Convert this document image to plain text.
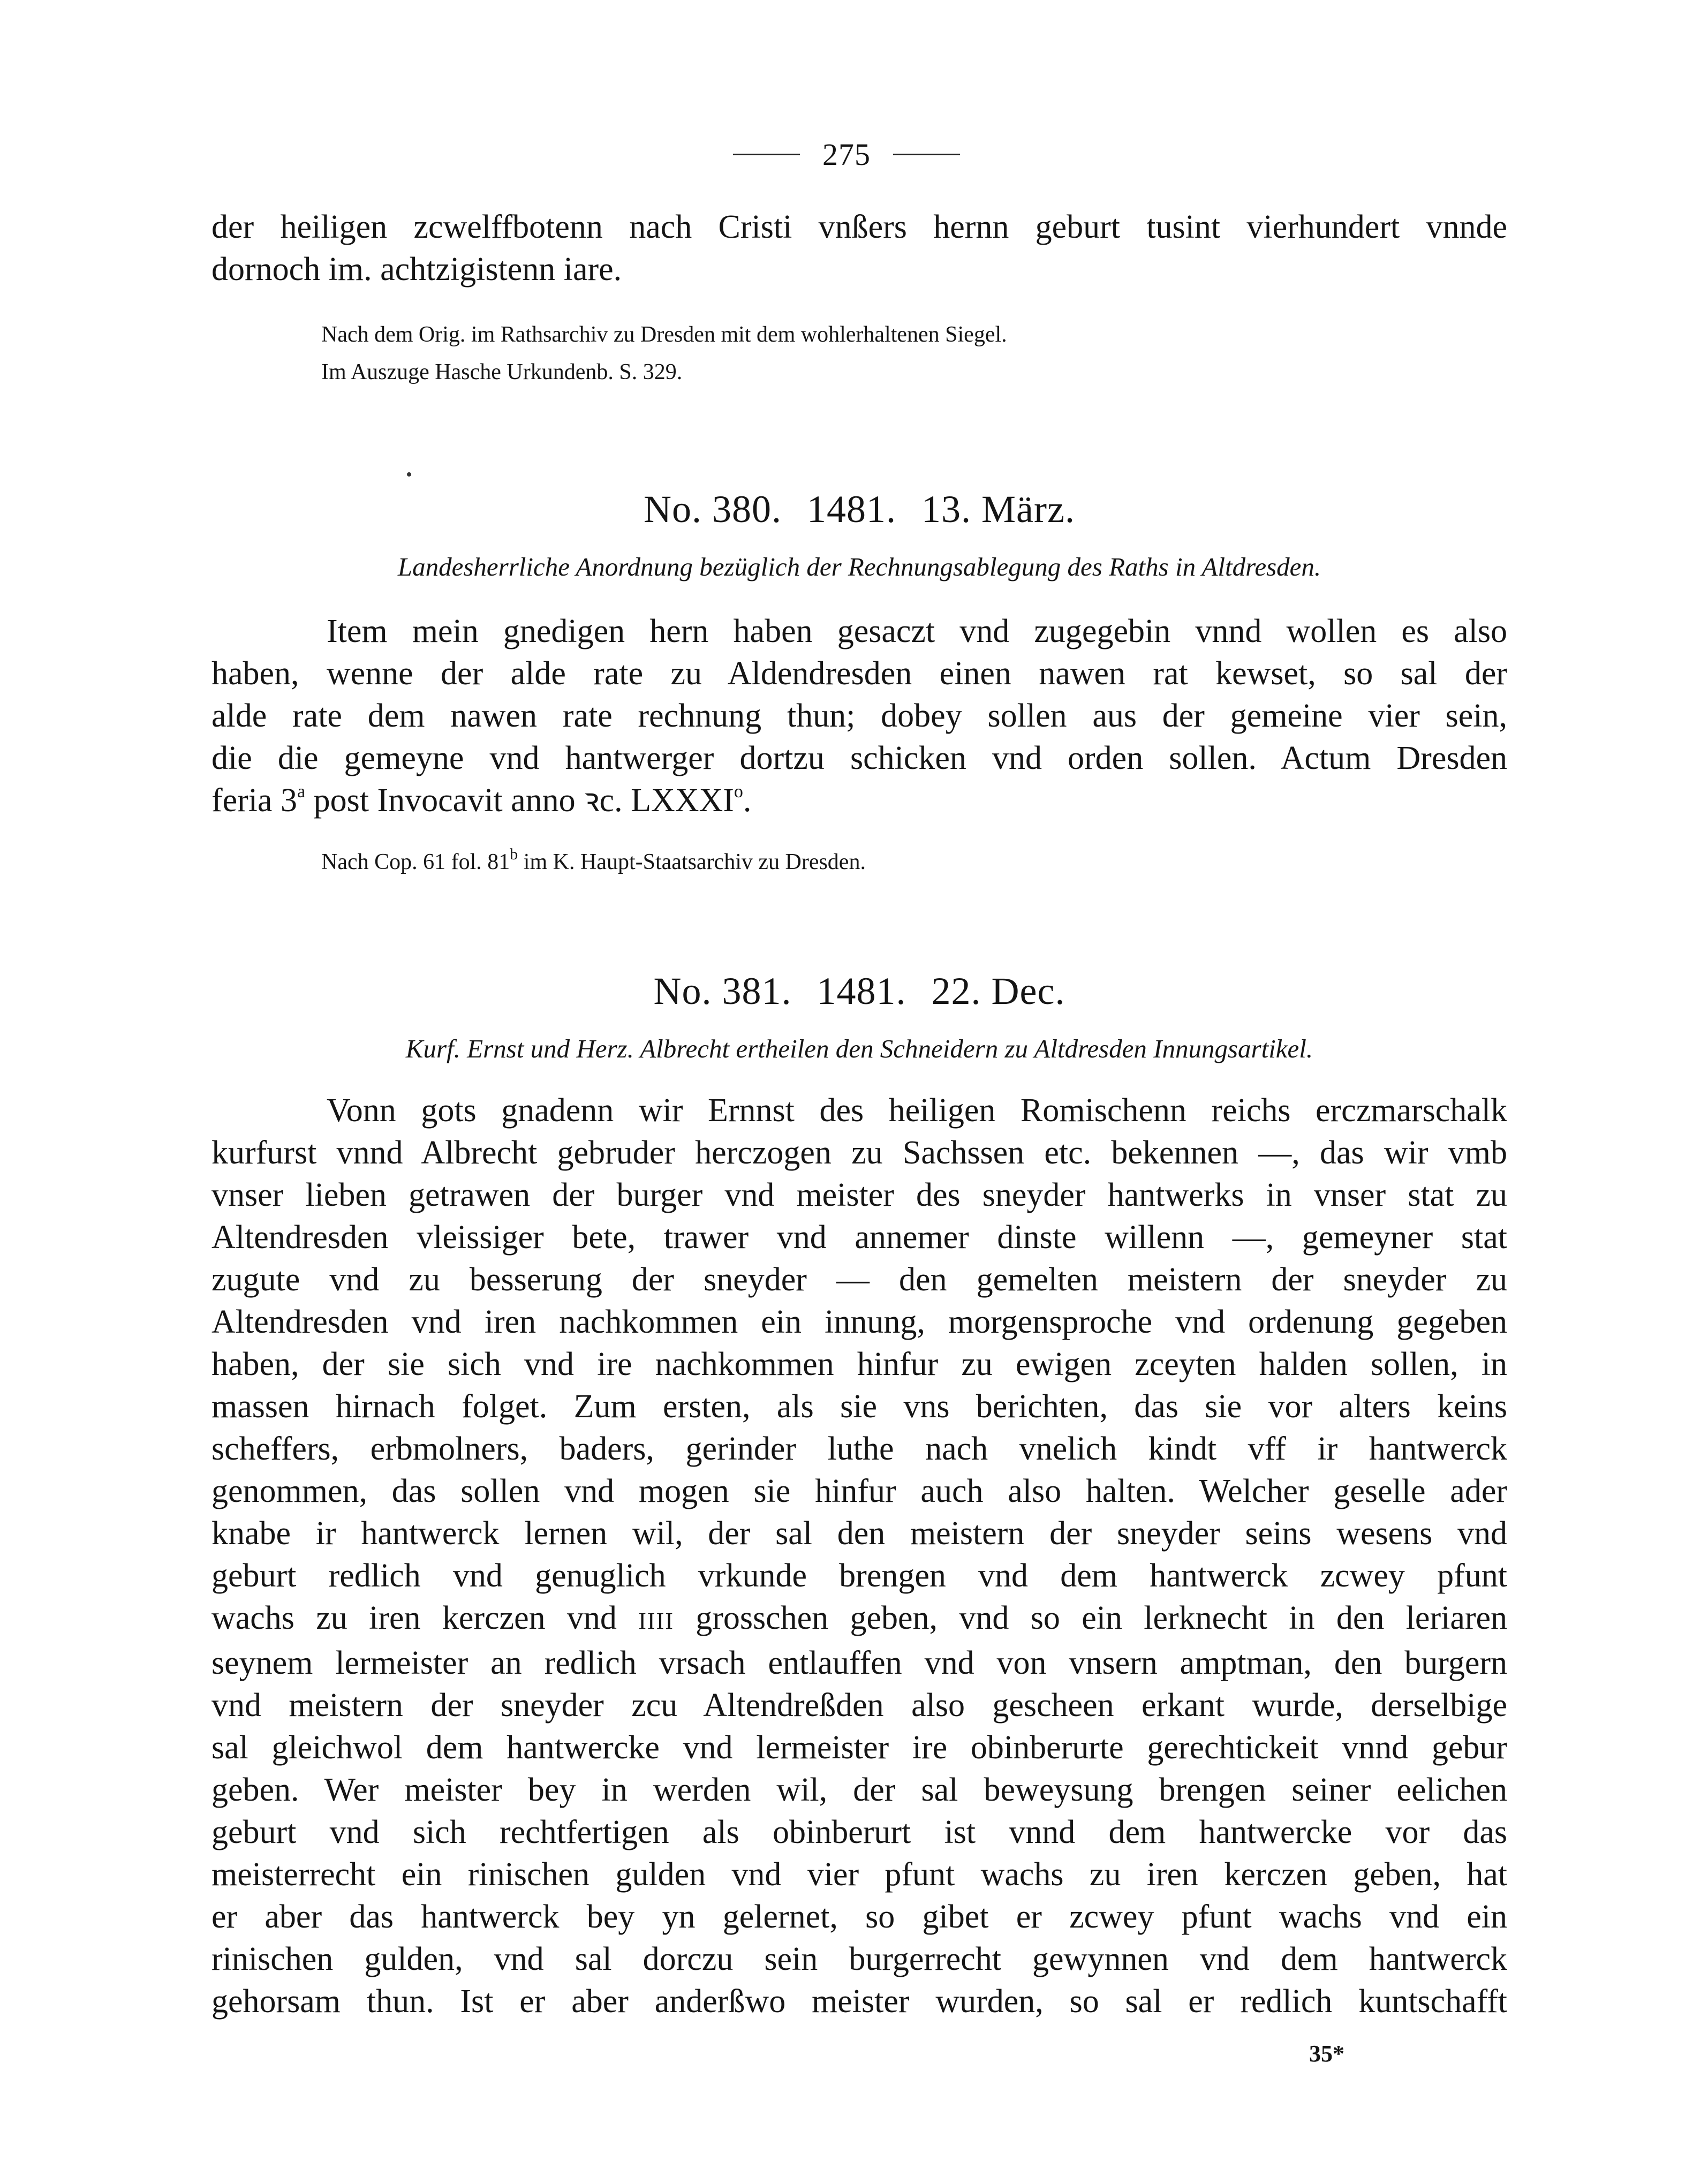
275
der heiligen zcwelffbotenn nach Cristi vnßers hernn geburt tusint vierhundert vnnde
dornoch im. achtzigistenn iare.
Nach dem Orig. im Rathsarchiv zu Dresden mit dem wohlerhaltenen Siegel.
Im Auszuge Hasche Urkundenb. S. 329.
No. 380. 1481. 13. März.
Landesherrliche Anordnung bezüglich der Rechnungsablegung des Raths in Altdresden.
Item mein gnedigen hern haben gesaczt vnd zugegebin vnnd wollen es also
haben, wenne der alde rate zu Aldendresden einen nawen rat kewset, so sal der
alde rate dem nawen rate rechnung thun; dobey sollen aus der gemeine vier sein,
die die gemeyne vnd hantwerger dortzu schicken vnd orden sollen. Actum Dresden
feria 3$^a$ post Invocavit anno ꝛc. LXXXI$^o$.
Nach Cop. 61 fol. 81$^b$ im K. Haupt-Staatsarchiv zu Dresden.
No. 381. 1481. 22. Dec.
Kurf. Ernst und Herz. Albrecht ertheilen den Schneidern zu Altdresden Innungsartikel.
Vonn gots gnadenn wir Ernnst des heiligen Romischenn reichs erczmarschalk
kurfurst vnnd Albrecht gebruder herczogen zu Sachssen etc. bekennen —, das wir vmb
vnser lieben getrawen der burger vnd meister des sneyder hantwerks in vnser stat zu
Altendresden vleissiger bete, trawer vnd annemer dinste willenn —, gemeyner stat
zugute vnd zu besserung der sneyder — den gemelten meistern der sneyder zu
Altendresden vnd iren nachkommen ein innung, morgensproche vnd ordenung gegeben
haben, der sie sich vnd ire nachkommen hinfur zu ewigen zceyten halden sollen, in
massen hirnach folget. Zum ersten, als sie vns berichten, das sie vor alters keins
scheffers, erbmolners, baders, gerinder luthe nach vnelich kindt vff ir hantwerck
genommen, das sollen vnd mogen sie hinfur auch also halten. Welcher geselle ader
knabe ir hantwerck lernen wil, der sal den meistern der sneyder seins wesens vnd
geburt redlich vnd genuglich vrkunde brengen vnd dem hantwerck zcwey pfunt
wachs zu iren kerczen vnd IIII grosschen geben, vnd so ein lerknecht in den leriaren
seynem lermeister an redlich vrsach entlauffen vnd von vnsern amptman, den burgern
vnd meistern der sneyder zcu Altendreßden also gescheen erkant wurde, derselbige
sal gleichwol dem hantwercke vnd lermeister ire obinberurte gerechtickeit vnnd gebur
geben. Wer meister bey in werden wil, der sal beweysung brengen seiner eelichen
geburt vnd sich rechtfertigen als obinberurt ist vnnd dem hantwercke vor das
meisterrecht ein rinischen gulden vnd vier pfunt wachs zu iren kerczen geben, hat
er aber das hantwerck bey yn gelernet, so gibet er zcwey pfunt wachs vnd ein
rinischen gulden, vnd sal dorczu sein burgerrecht gewynnen vnd dem hantwerck
gehorsam thun. Ist er aber anderßwo meister wurden, so sal er redlich kuntschafft
35*
